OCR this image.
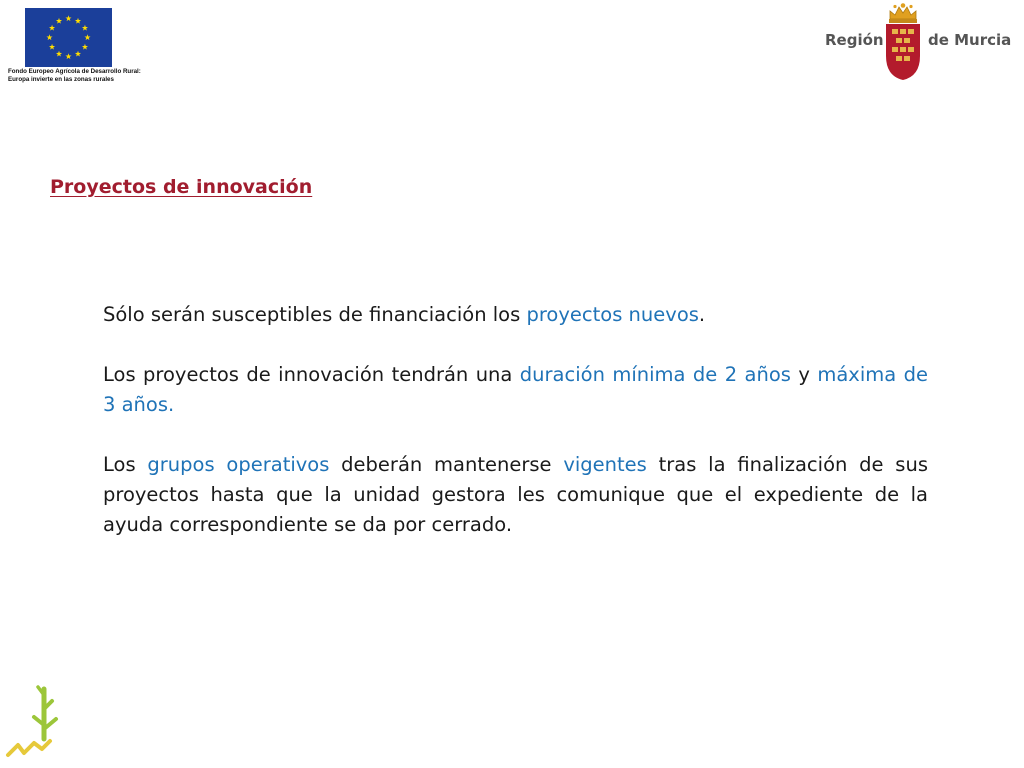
Fondo Europeo Agrícola de Desarrollo Rural:
Europa invierte en las zonas rurales
Región	de Murcia
Proyectos de innovación

Sólo serán susceptibles de financiación los proyectos nuevos.

Los proyectos de innovación tendrán una duración mínima de 2 años y máxima de 3 años.

Los grupos operativos deberán mantenerse vigentes tras la finalización de sus proyectos hasta que la unidad gestora les comunique que el expediente de la ayuda correspondiente se da por cerrado.
